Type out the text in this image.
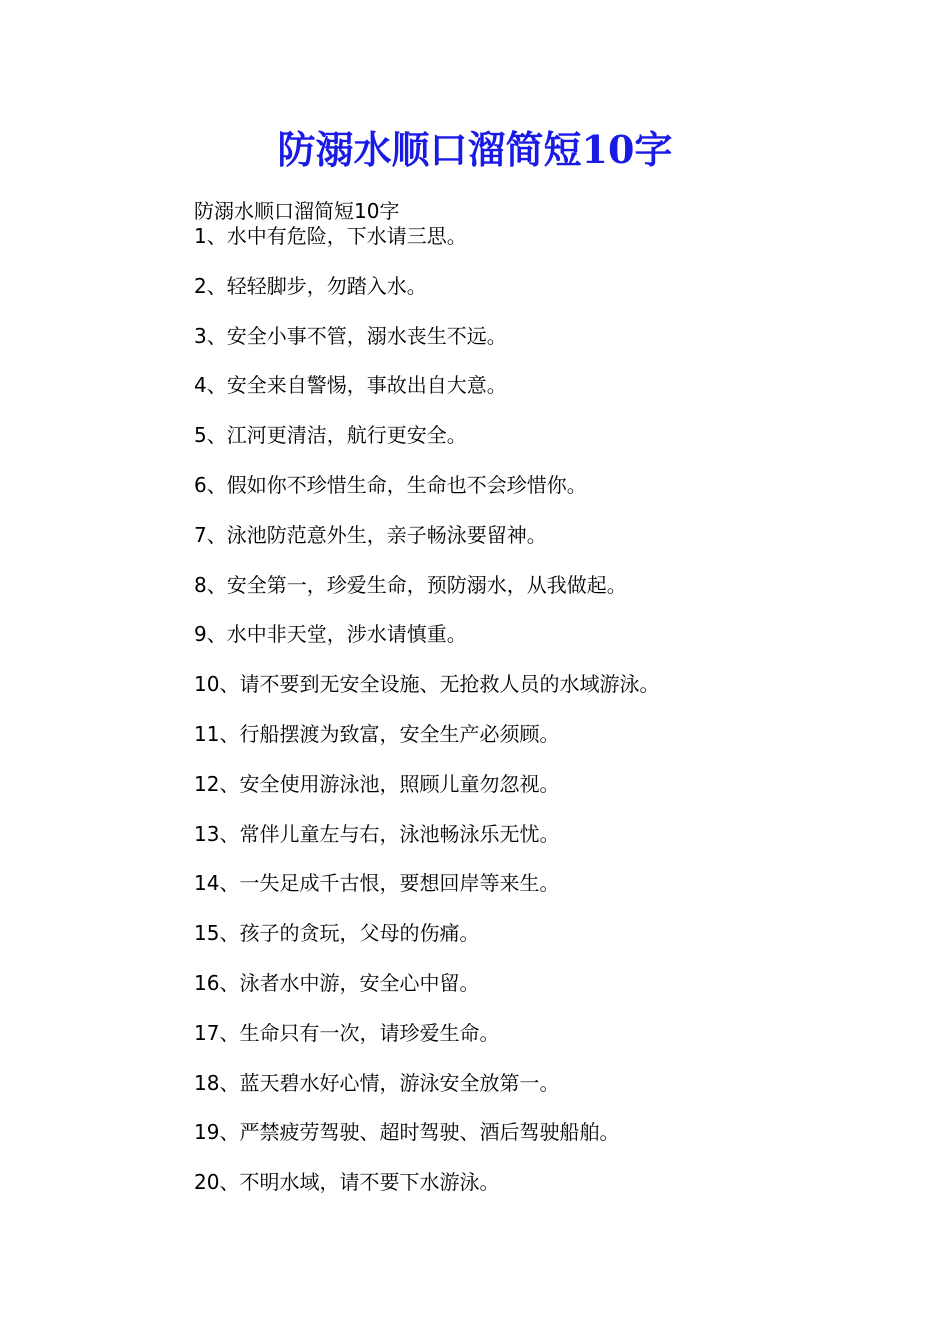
防溺水顺口溜简短10字

防溺水顺口溜简短10字

1、水中有危险，下水请三思。
2、轻轻脚步，勿踏入水。
3、安全小事不管，溺水丧生不远。
4、安全来自警惕，事故出自大意。
5、江河更清洁，航行更安全。
6、假如你不珍惜生命，生命也不会珍惜你。
7、泳池防范意外生，亲子畅泳要留神。
8、安全第一，珍爱生命，预防溺水，从我做起。
9、水中非天堂，涉水请慎重。
10、请不要到无安全设施、无抢救人员的水域游泳。
11、行船摆渡为致富，安全生产必须顾。
12、安全使用游泳池，照顾儿童勿忽视。
13、常伴儿童左与右，泳池畅泳乐无忧。
14、一失足成千古恨，要想回岸等来生。
15、孩子的贪玩，父母的伤痛。
16、泳者水中游，安全心中留。
17、生命只有一次，请珍爱生命。
18、蓝天碧水好心情，游泳安全放第一。
19、严禁疲劳驾驶、超时驾驶、酒后驾驶船舶。
20、不明水域，请不要下水游泳。
